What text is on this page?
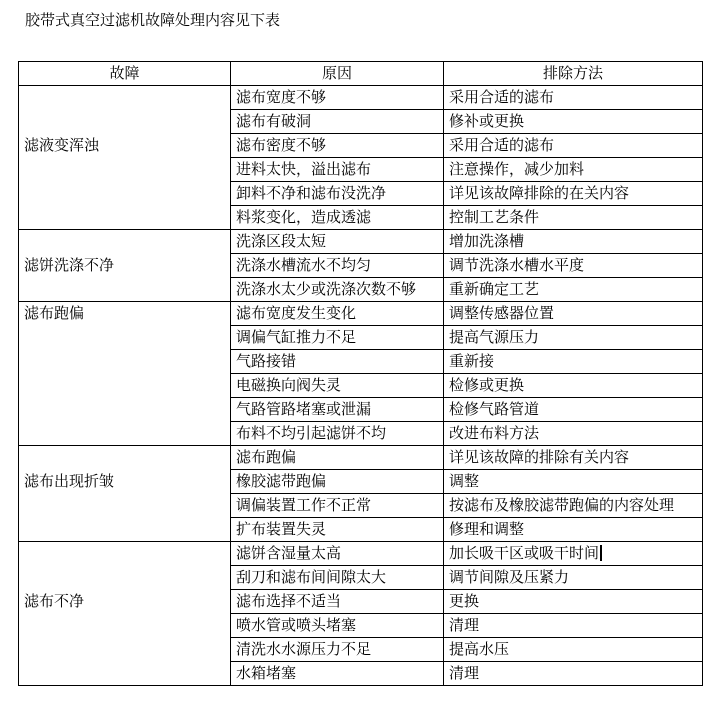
胶带式真空过滤机故障处理内容见下表
故障	原因	排除方法
滤液变浑浊	滤布宽度不够	采用合适的滤布
	滤布有破洞	修补或更换
	滤布密度不够	采用合适的滤布
	进料太快，溢出滤布	注意操作，减少加料
	卸料不净和滤布没洗净	详见该故障排除的在关内容
	料浆变化，造成透滤	控制工艺条件
滤饼洗涤不净	洗涤区段太短	增加洗涤槽
	洗涤水槽流水不均匀	调节洗涤水槽水平度
	洗涤水太少或洗涤次数不够	重新确定工艺
滤布跑偏	滤布宽度发生变化	调整传感器位置
	调偏气缸推力不足	提高气源压力
	气路接错	重新接
	电磁换向阀失灵	检修或更换
	气路管路堵塞或泄漏	检修气路管道
	布料不均引起滤饼不均	改进布料方法
滤布出现折皱	滤布跑偏	详见该故障的排除有关内容
	橡胶滤带跑偏	调整
	调偏装置工作不正常	按滤布及橡胶滤带跑偏的内容处理
	扩布装置失灵	修理和调整
滤布不净	滤饼含湿量太高	加长吸干区或吸干时间
	刮刀和滤布间间隙太大	调节间隙及压紧力
	滤布选择不适当	更换
	喷水管或喷头堵塞	清理
	清洗水水源压力不足	提高水压
	水箱堵塞	清理
